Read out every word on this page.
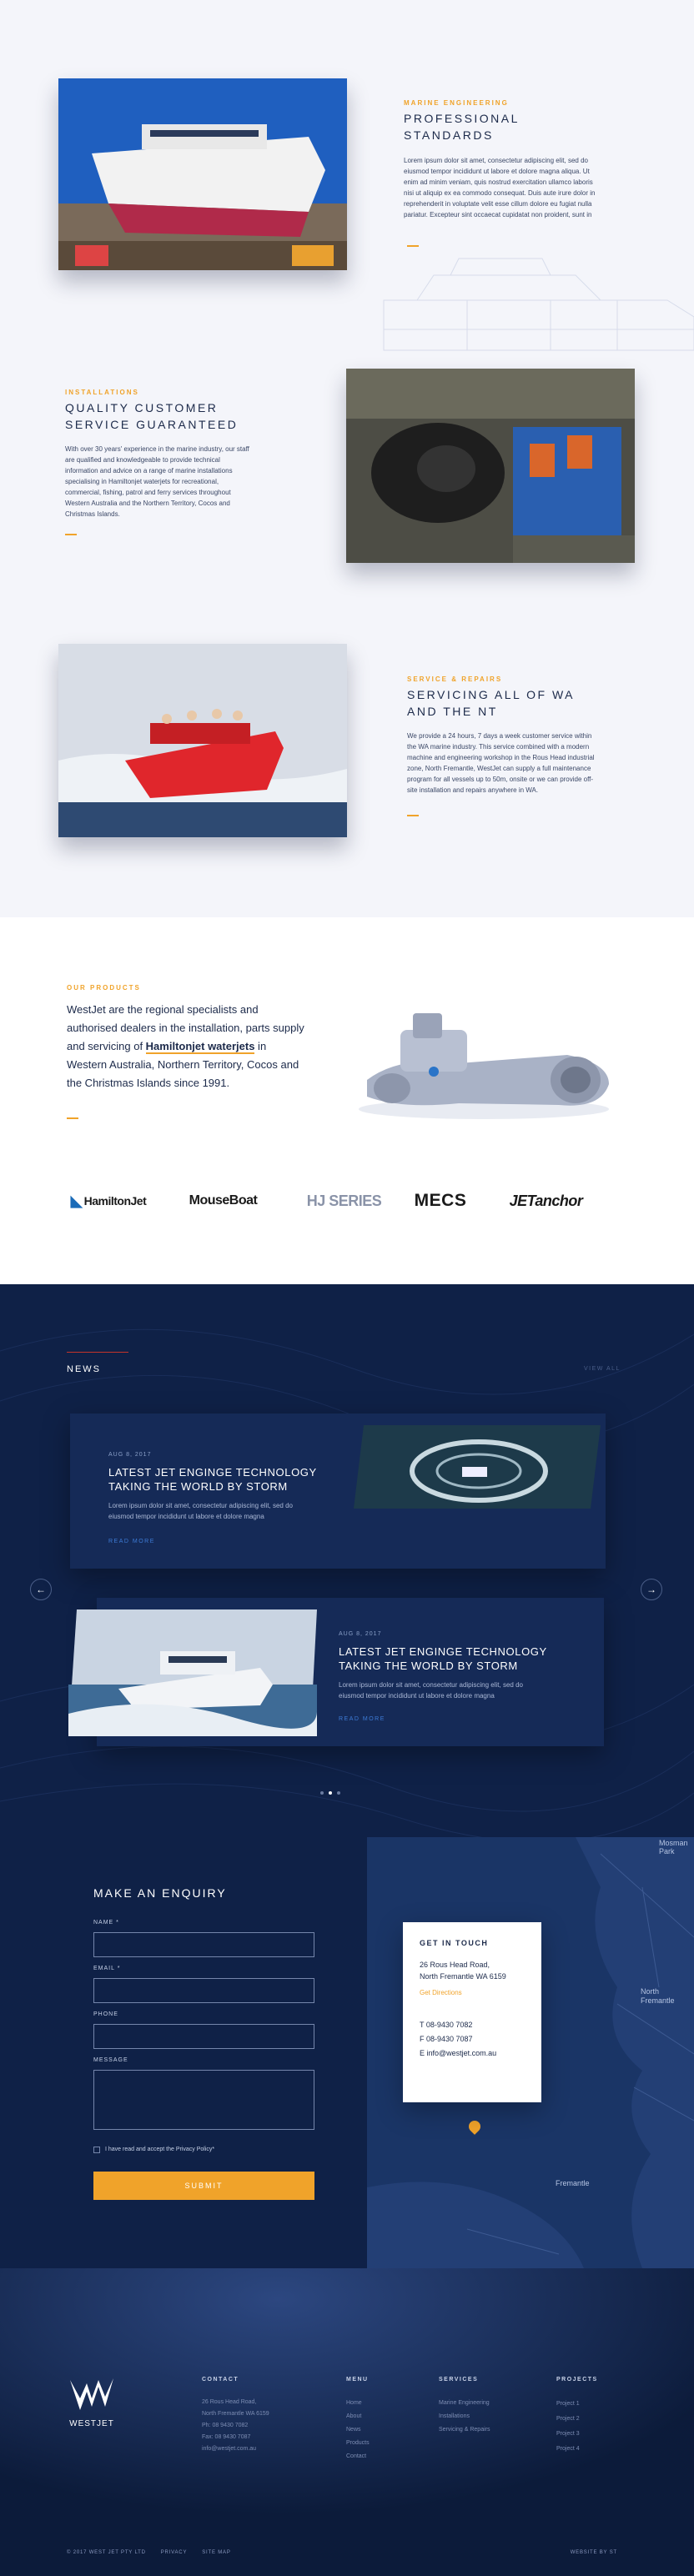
MARINE ENGINEERING
PROFESSIONAL
STANDARDS
Lorem ipsum dolor sit amet, consectetur adipiscing elit, sed do eiusmod tempor incididunt ut labore et dolore magna aliqua. Ut enim ad minim veniam, quis nostrud exercitation ullamco laboris nisi ut aliquip ex ea commodo consequat. Duis aute irure dolor in reprehenderit in voluptate velit esse cillum dolore eu fugiat nulla pariatur. Excepteur sint occaecat cupidatat non proident, sunt in
INSTALLATIONS
QUALITY CUSTOMER
SERVICE GUARANTEED
With over 30 years' experience in the marine industry, our staff are qualified and knowledgeable to provide technical information and advice on a range of marine installations specialising in Hamiltonjet waterjets for recreational, commercial, fishing, patrol and ferry services throughout Western Australia and the Northern Territory, Cocos and Christmas Islands.
SERVICE & REPAIRS
SERVICING ALL OF WA
AND THE NT
We provide a 24 hours, 7 days a week customer service within the WA marine industry. This service combined with a modern machine and engineering workshop in the Rous Head industrial zone, North Fremantle, WestJet can supply a full maintenance program for all vessels up to 50m, onsite or we can provide off-site installation and repairs anywhere in WA.
OUR PRODUCTS

WestJet are the regional specialists and authorised dealers in the installation, parts supply and servicing of Hamiltonjet waterjets in Western Australia, Northern Territory, Cocos and the Christmas Islands since 1991.

◣ HamiltonJet	MouseBoat	HJ SERIES MECS	JETanchor
NEWS	VIEW ALL
AUG 8, 2017
LATEST JET ENGINGE TECHNOLOGY
TAKING THE WORLD BY STORM
Lorem ipsum dolor sit amet, consectetur adipiscing elit, sed do
eiusmod tempor incididunt ut labore et dolore magna
READ MORE
AUG 8, 2017
LATEST JET ENGINGE TECHNOLOGY
TAKING THE WORLD BY STORM
Lorem ipsum dolor sit amet, consectetur adipiscing elit, sed do
eiusmod tempor incididunt ut labore et dolore magna
READ MORE
←	→
Mosman Park
North Fremantle
Fremantle
MAKE AN ENQUIRY
NAME *
EMAIL *
PHONE
MESSAGE
I have read and accept the Privacy Policy*
SUBMIT
GET IN TOUCH
26 Rous Head Road,
North Fremantle WA 6159
Get Directions
T 08-9430 7082
F 08-9430 7087
E info@westjet.com.au
WESTJET
CONTACT
26 Rous Head Road,
North Fremantle WA 6159
Ph: 08 9430 7082
Fax: 08 9430 7087
info@westjet.com.au
MENU
Home
About
News
Products
Contact
SERVICES
Marine Engineering
Installations
Servicing & Repairs
PROJECTS
Project 1
Project 2
Project 3
Project 4
© 2017 WEST JET PTY LTD	PRIVACY	SITE MAP	WEBSITE BY ST
